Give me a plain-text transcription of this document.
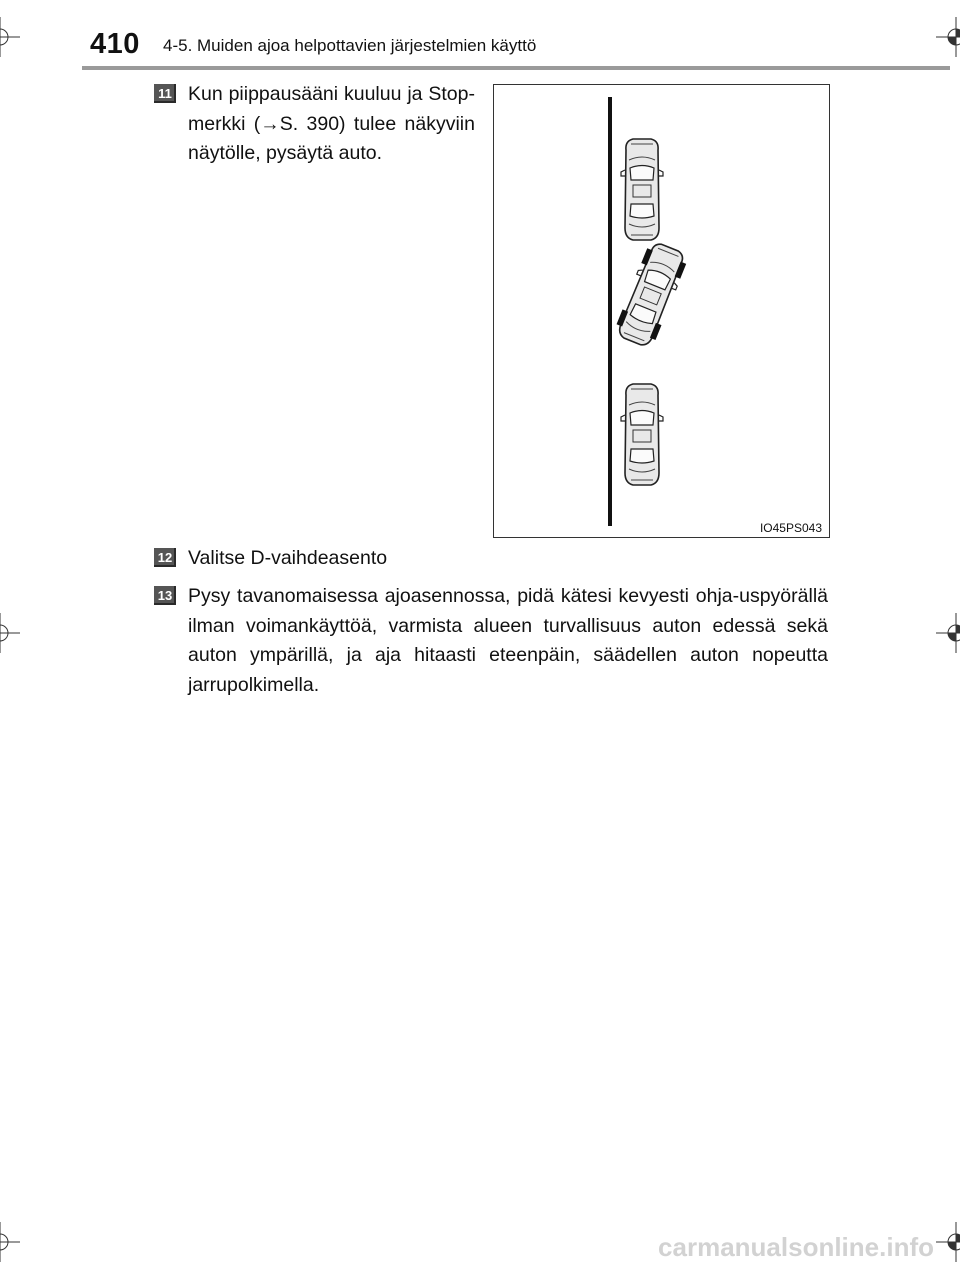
410 4-5. Muiden ajoa helpottavien järjestelmien käyttö
11 Kun piippausääni kuuluu ja Stop-merkki (→S. 390) tulee näkyviin näytölle, pysäytä auto.
IO45PS043
12 Valitse D-vaihdeasento
13 Pysy tavanomaisessa ajoasennossa, pidä kätesi kevyesti ohja-uspyörällä ilman voimankäyttöä, varmista alueen turvallisuus auton edessä sekä auton ympärillä, ja aja hitaasti eteenpäin, säädellen auton nopeutta jarrupolkimella.
carmanualsonline.info
